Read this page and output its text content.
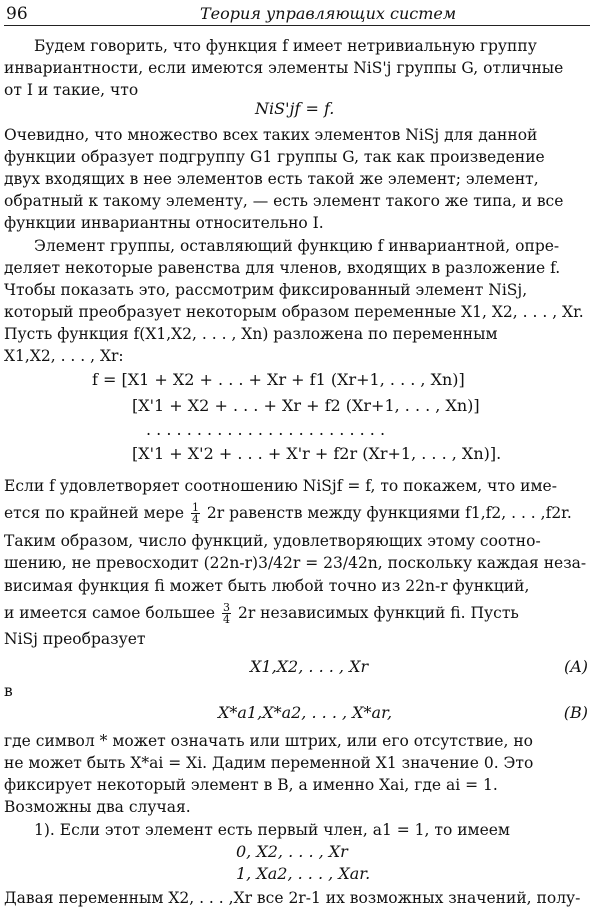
96	Теория управляющих систем
Будем говорить, что функция f имеет нетривиальную группу
инвариантности, если имеются элементы NiS'j группы G, отличные
от I и такие, что
NiS'jf = f.
Очевидно, что множество всех таких элементов NiSj для данной
функции образует подгруппу G1 группы G, так как произведение
двух входящих в нее элементов есть такой же элемент; элемент,
обратный к такому элементу, — есть элемент такого же типа, и все
функции инвариантны относительно I.
Элемент группы, оставляющий функцию f инвариантной, опре-
деляет некоторые равенства для членов, входящих в разложение f.
Чтобы показать это, рассмотрим фиксированный элемент NiSj,
который преобразует некоторым образом переменные X1, X2, . . . , Xr.
Пусть функция f(X1,X2, . . . , Xn) разложена по переменным
X1,X2, . . . , Xr:
f = [X1 + X2 + . . . + Xr + f1 (Xr+1, . . . , Xn)]
[X'1 + X2 + . . . + Xr + f2 (Xr+1, . . . , Xn)]
. . . . . . . . . . . . . . . . . . . . . . . .
[X'1 + X'2 + . . . + X'r + f2r (Xr+1, . . . , Xn)].
Если f удовлетворяет соотношению NiSjf = f, то покажем, что име-
ется по крайней мере $\frac{1}{4} 2r$ равенств между функциями f1,f2, . . . ,f2r.
Таким образом, число функций, удовлетворяющих этому соотно-
шению, не превосходит (22n-r)3/42r = 23/42n, поскольку каждая неза-
висимая функция fi может быть любой точно из 22n-r функций,
и имеется самое большее $\frac{3}{4} 2r$ независимых функций fi. Пусть
NiSj преобразует
X1,X2, . . . , Xr	(A)
в
X*a1,X*a2, . . . , X*ar,	(B)
где символ * может означать или штрих, или его отсутствие, но
не может быть X*ai = Xi. Дадим переменной X1 значение 0. Это
фиксирует некоторый элемент в B, а именно Xai, где ai = 1.
Возможны два случая.
1). Если этот элемент есть первый член, a1 = 1, то имеем
0, X2, . . . , Xr
1, Xa2, . . . , Xar.
Давая переменным X2, . . . ,Xr все 2r-1 их возможных значений, полу-
